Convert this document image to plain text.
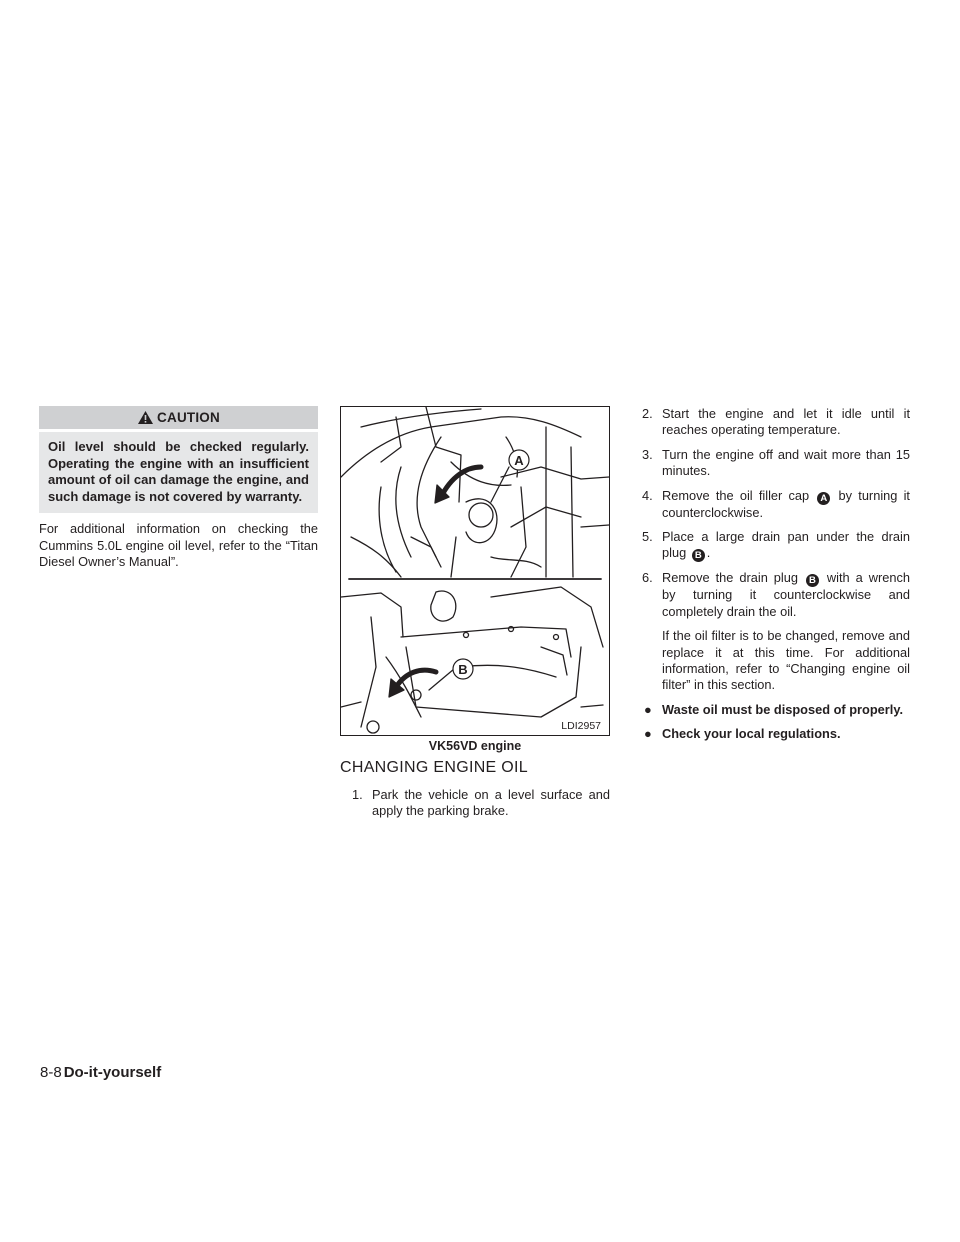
CAUTION
Oil level should be checked regularly. Operating the engine with an insufficient amount of oil can damage the engine, and such damage is not covered by warranty.
For additional information on checking the Cummins 5.0L engine oil level, refer to the “Titan Diesel Owner’s Manual”.
A
B
LDI2957
VK56VD engine
CHANGING ENGINE OIL
1. Park the vehicle on a level surface and apply the parking brake.
2. Start the engine and let it idle until it reaches operating temperature.
3. Turn the engine off and wait more than 15 minutes.
4. Remove the oil filler cap A by turning it counterclockwise.
5. Place a large drain pan under the drain plug B .
6. Remove the drain plug B with a wrench by turning it counterclockwise and completely drain the oil.
If the oil filter is to be changed, remove and replace it at this time. For additional information, refer to “Changing engine oil filter” in this section.
● Waste oil must be disposed of properly.
● Check your local regulations.
8-8 Do-it-yourself
